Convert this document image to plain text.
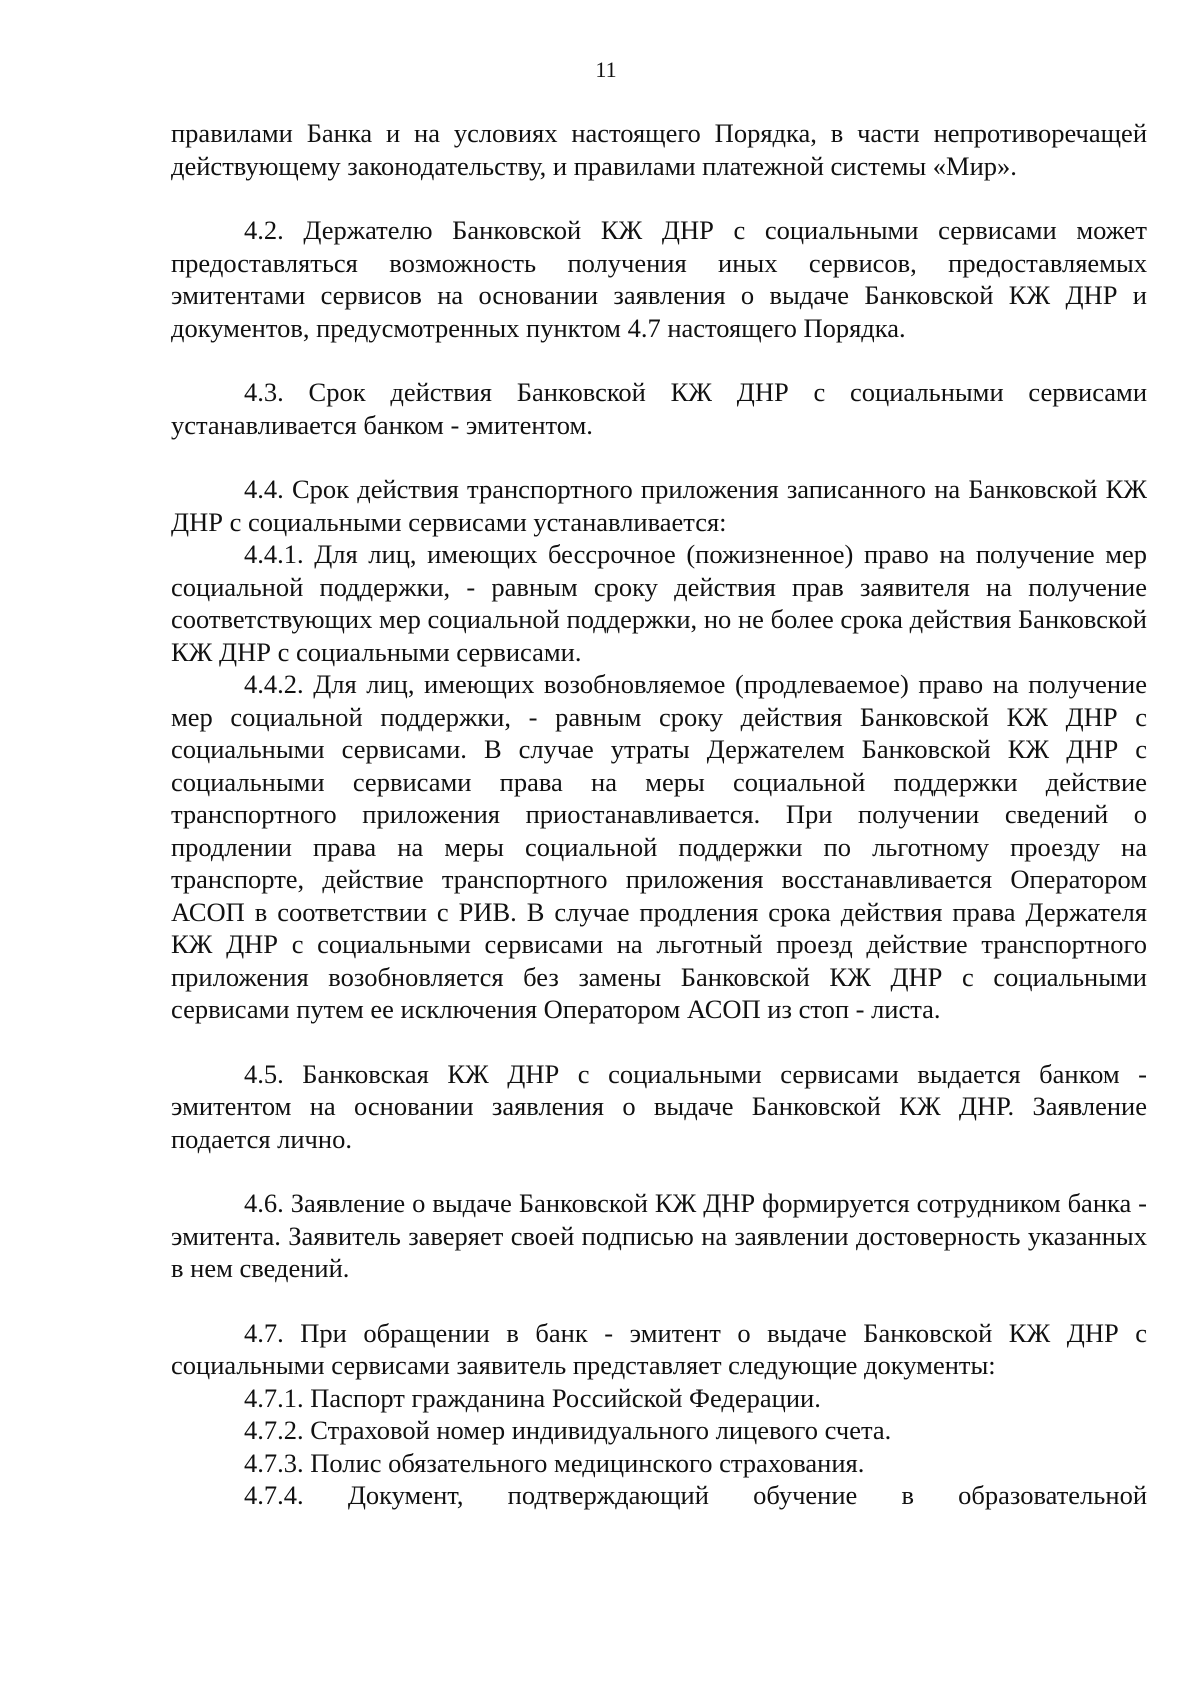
11

правилами Банка и на условиях настоящего Порядка, в части непротиворечащей действующему законодательству, и правилами платежной системы «Мир».

4.2. Держателю Банковской КЖ ДНР с социальными сервисами может предоставляться возможность получения иных сервисов, предоставляемых эмитентами сервисов на основании заявления о выдаче Банковской КЖ ДНР и документов, предусмотренных пунктом 4.7 настоящего Порядка.

4.3. Срок действия Банковской КЖ ДНР с социальными сервисами устанавливается банком - эмитентом.

4.4. Срок действия транспортного приложения записанного на Банковской КЖ ДНР с социальными сервисами устанавливается:

4.4.1. Для лиц, имеющих бессрочное (пожизненное) право на получение мер социальной поддержки, - равным сроку действия прав заявителя на получение соответствующих мер социальной поддержки, но не более срока действия Банковской КЖ ДНР с социальными сервисами.

4.4.2. Для лиц, имеющих возобновляемое (продлеваемое) право на получение мер социальной поддержки, - равным сроку действия Банковской КЖ ДНР с социальными сервисами. В случае утраты Держателем Банковской КЖ ДНР с социальными сервисами права на меры социальной поддержки действие транспортного приложения приостанавливается. При получении сведений о продлении права на меры социальной поддержки по льготному проезду на транспорте, действие транспортного приложения восстанавливается Оператором АСОП в соответствии с РИВ. В случае продления срока действия права Держателя КЖ ДНР с социальными сервисами на льготный проезд действие транспортного приложения возобновляется без замены Банковской КЖ ДНР с социальными сервисами путем ее исключения Оператором АСОП из стоп - листа.

4.5. Банковская КЖ ДНР с социальными сервисами выдается банком - эмитентом на основании заявления о выдаче Банковской КЖ ДНР. Заявление подается лично.

4.6. Заявление о выдаче Банковской КЖ ДНР формируется сотрудником банка - эмитента. Заявитель заверяет своей подписью на заявлении достоверность указанных в нем сведений.

4.7. При обращении в банк - эмитент о выдаче Банковской КЖ ДНР с социальными сервисами заявитель представляет следующие документы:

4.7.1. Паспорт гражданина Российской Федерации.

4.7.2. Страховой номер индивидуального лицевого счета.

4.7.3. Полис обязательного медицинского страхования.

4.7.4. Документ, подтверждающий обучение в образовательной
